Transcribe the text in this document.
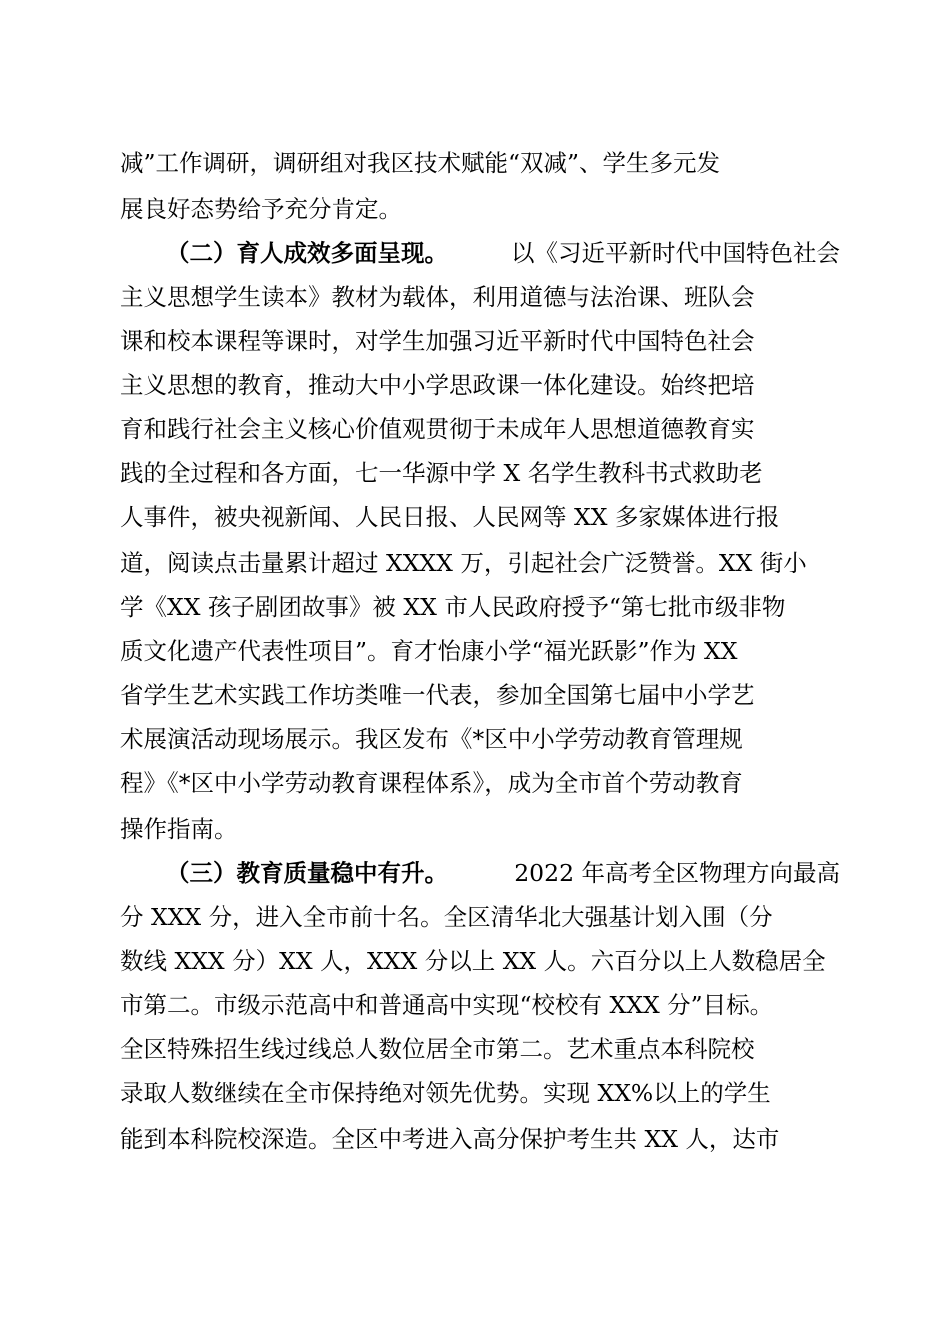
减”工作调研，调研组对我区技术赋能“双减”、学生多元发
展良好态势给予充分肯定。
（二）育人成效多面呈现。	以《习近平新时代中国特色社会
主义思想学生读本》教材为载体，利用道德与法治课、班队会
课和校本课程等课时，对学生加强习近平新时代中国特色社会
主义思想的教育，推动大中小学思政课一体化建设。始终把培
育和践行社会主义核心价值观贯彻于未成年人思想道德教育实
践的全过程和各方面，七一华源中学 X 名学生教科书式救助老
人事件，被央视新闻、人民日报、人民网等 XX 多家媒体进行报
道，阅读点击量累计超过 XXXX 万，引起社会广泛赞誉。XX 街小
学《XX 孩子剧团故事》被 XX 市人民政府授予“第七批市级非物
质文化遗产代表性项目”。育才怡康小学“福光跃影”作为 XX
省学生艺术实践工作坊类唯一代表，参加全国第七届中小学艺
术展演活动现场展示。我区发布《*区中小学劳动教育管理规
程》《*区中小学劳动教育课程体系》，成为全市首个劳动教育
操作指南。
（三）教育质量稳中有升。	2022 年高考全区物理方向最高
分 XXX 分，进入全市前十名。全区清华北大强基计划入围（分
数线 XXX 分）XX 人，XXX 分以上 XX 人。六百分以上人数稳居全
市第二。市级示范高中和普通高中实现“校校有 XXX 分”目标。
全区特殊招生线过线总人数位居全市第二。艺术重点本科院校
录取人数继续在全市保持绝对领先优势。实现 XX%以上的学生
能到本科院校深造。全区中考进入高分保护考生共 XX 人，达市
